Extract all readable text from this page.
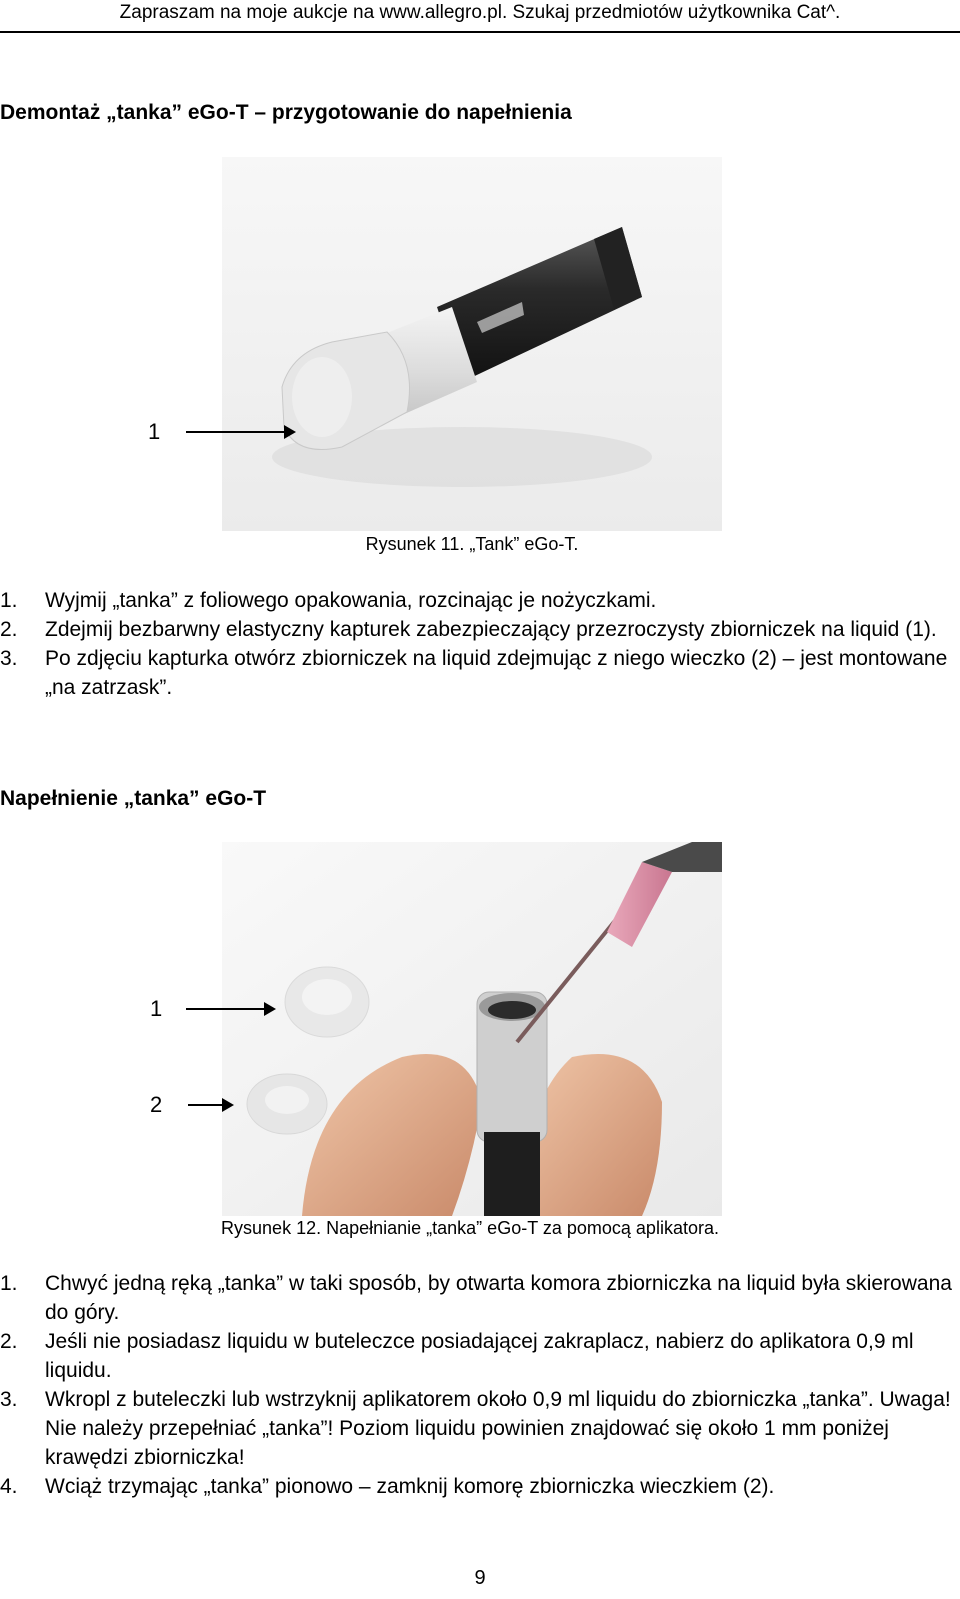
Zapraszam na moje aukcje na www.allegro.pl. Szukaj przedmiotów użytkownika Cat^.
Demontaż „tanka” eGo-T – przygotowanie do napełnienia
1
Rysunek 11. „Tank” eGo-T.
1. Wyjmij „tanka” z foliowego opakowania, rozcinając je nożyczkami.
2. Zdejmij bezbarwny elastyczny kapturek zabezpieczający przezroczysty zbiorniczek na liquid (1).
3. Po zdjęciu kapturka otwórz zbiorniczek na liquid zdejmując z niego wieczko (2) – jest montowane „na zatrzask”.
Napełnienie „tanka” eGo-T
1
2
Rysunek 12. Napełnianie „tanka” eGo-T za pomocą aplikatora.
1. Chwyć jedną ręką „tanka” w taki sposób, by otwarta komora zbiorniczka na liquid była skierowana do góry.
2. Jeśli nie posiadasz liquidu w buteleczce posiadającej zakraplacz, nabierz do aplikatora 0,9 ml liquidu.
3. Wkropl z buteleczki lub wstrzyknij aplikatorem około 0,9 ml liquidu do zbiorniczka „tanka”. Uwaga! Nie należy przepełniać „tanka”! Poziom liquidu powinien znajdować się około 1 mm poniżej krawędzi zbiorniczka!
4. Wciąż trzymając „tanka” pionowo – zamknij komorę zbiorniczka wieczkiem (2).
9
